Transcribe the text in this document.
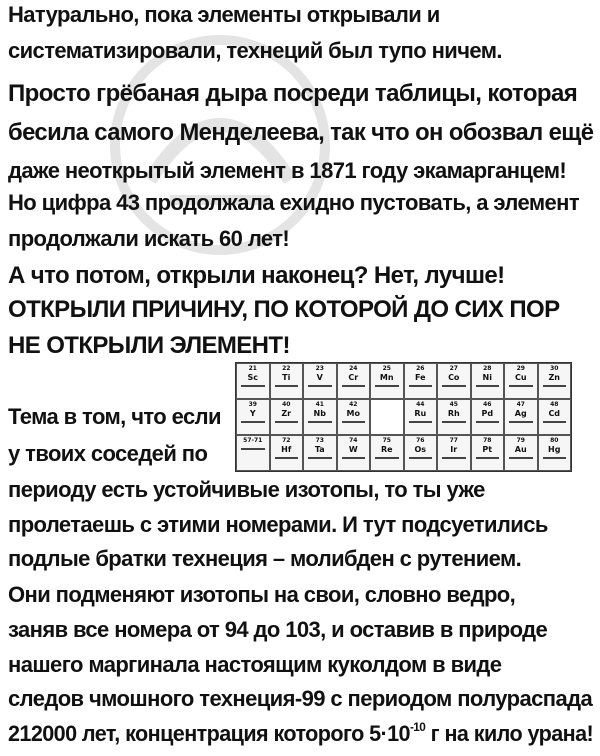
Натурально, пока элементы открывали и
систематизировали, технеций был тупо ничем.
Просто грёбаная дыра посреди таблицы, которая
бесила самого Менделеева, так что он обозвал ещё
даже неоткрытый элемент в 1871 году экамарганцем!
Но цифра 43 продолжала ехидно пустовать, а элемент
продолжали искать 60 лет!
А что потом, открыли наконец? Нет, лучше!
ОТКРЫЛИ ПРИЧИНУ, ПО КОТОРОЙ ДО СИХ ПОР
НЕ ОТКРЫЛИ ЭЛЕМЕНТ!
Тема в том, что если
у твоих соседей по
периоду есть устойчивые изотопы, то ты уже
пролетаешь с этими номерами. И тут подсуетились
подлые братки технеция – молибден с рутением.
Они подменяют изотопы на свои, словно ведро,
заняв все номера от 94 до 103, и оставив в природе
нашего маргинала настоящим куколдом в виде
следов чмошного технеция-99 с периодом полураспада
212000 лет, концентрация которого $5\cdot 10^{-10}$ г на кило урана!
21
Sc
22
Ti
23
V
24
Cr
25
Mn
26
Fe
27
Co
28
Ni
29
Cu
30
Zn
39
Y
40
Zr
41
Nb
42
Mo
44
Ru
45
Rh
46
Pd
47
Ag
48
Cd
57-71	72
Hf
73
Ta
74
W
75
Re
76
Os
77
Ir
78
Pt
79
Au
80
Hg
